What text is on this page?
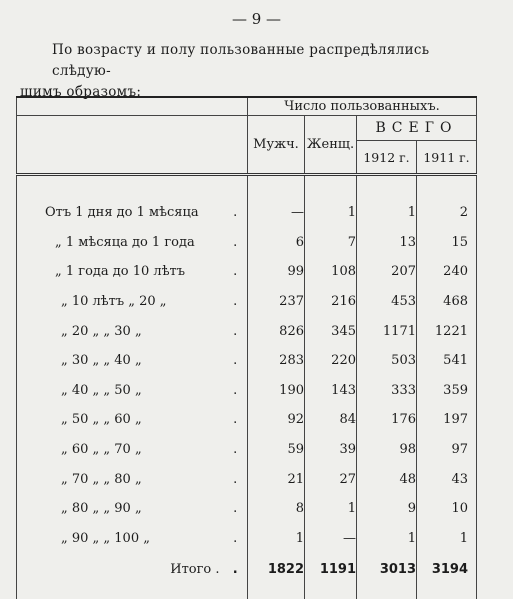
— 9 —
По возрасту и полу пользованные распредѣлялись слѣдую-
щимъ образомъ:
		Число пользованныхъ.			
		Мужч.	Женщ.	ВСЕГО	
				1912 г.	1911 г.

Отъ 1 дня до 1 мѣсяца	.	—	1	1	2
„ 1 мѣсяца до 1 года	.	6	7	13	15
„ 1 года до 10 лѣтъ	.	99	108	207	240
„ 10 лѣтъ „ 20 „	.	237	216	453	468
„ 20 „ „ 30 „	.	826	345	1171	1221
„ 30 „ „ 40 „	.	283	220	503	541
„ 40 „ „ 50 „	.	190	143	333	359
„ 50 „ „ 60 „	.	92	84	176	197
„ 60 „ „ 70 „	.	59	39	98	97
„ 70 „ „ 80 „	.	21	27	48	43
„ 80 „ „ 90 „	.	8	1	9	10
„ 90 „ „ 100 „	.	1	—	1	1
Итого .	.	1822	1191	3013	3194
